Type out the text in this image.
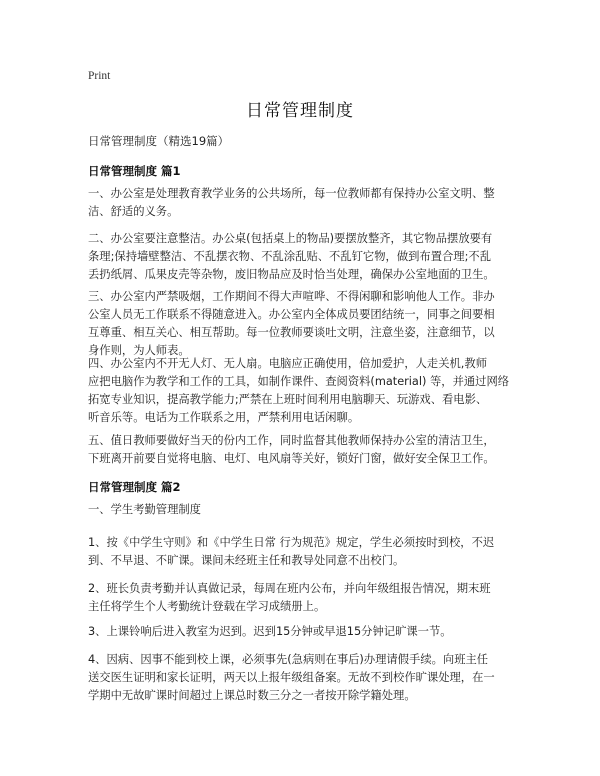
Print
日常管理制度
日常管理制度（精选19篇）
日常管理制度 篇1

一、办公室是处理教育教学业务的公共场所，每一位教师都有保持办公室文明、整
洁、舒适的义务。

二、办公室要注意整洁。办公桌(包括桌上的物品)要摆放整齐，其它物品摆放要有
条理;保持墙壁整洁、不乱摆衣物、不乱涂乱贴、不乱钉它物，做到布置合理;不乱
丢扔纸屑、瓜果皮壳等杂物，废旧物品应及时恰当处理，确保办公室地面的卫生。

三、办公室内严禁吸烟，工作期间不得大声喧哗、不得闲聊和影响他人工作。非办
公室人员无工作联系不得随意进入。办公室内全体成员要团结统一，同事之间要相
互尊重、相互关心、相互帮助。每一位教师要谈吐文明，注意坐姿，注意细节，以
身作则，为人师表。

四、办公室内不开无人灯、无人扇。电脑应正确使用，倍加爱护，人走关机,教师
应把电脑作为教学和工作的工具，如制作课件、查阅资料(material) 等，并通过网络
拓宽专业知识，提高教学能力;严禁在上班时间利用电脑聊天、玩游戏、看电影、
听音乐等。电话为工作联系之用，严禁利用电话闲聊。

五、值日教师要做好当天的份内工作，同时监督其他教师保持办公室的清洁卫生，
下班离开前要自觉将电脑、电灯、电风扇等关好，锁好门窗，做好安全保卫工作。

日常管理制度 篇2

一、学生考勤管理制度

1、按《中学生守则》和《中学生日常 行为规范》规定，学生必须按时到校，不迟
到、不早退、不旷课。课间未经班主任和教导处同意不出校门。

2、班长负责考勤并认真做记录，每周在班内公布，并向年级组报告情况，期末班
主任将学生个人考勤统计登载在学习成绩册上。

3、上课铃响后进入教室为迟到。迟到15分钟或早退15分钟记旷课一节。

4、因病、因事不能到校上课，必须事先(急病则在事后)办理请假手续。向班主任
送交医生证明和家长证明，两天以上报年级组备案。无故不到校作旷课处理，在一
学期中无故旷课时间超过上课总时数三分之一者按开除学籍处理。
